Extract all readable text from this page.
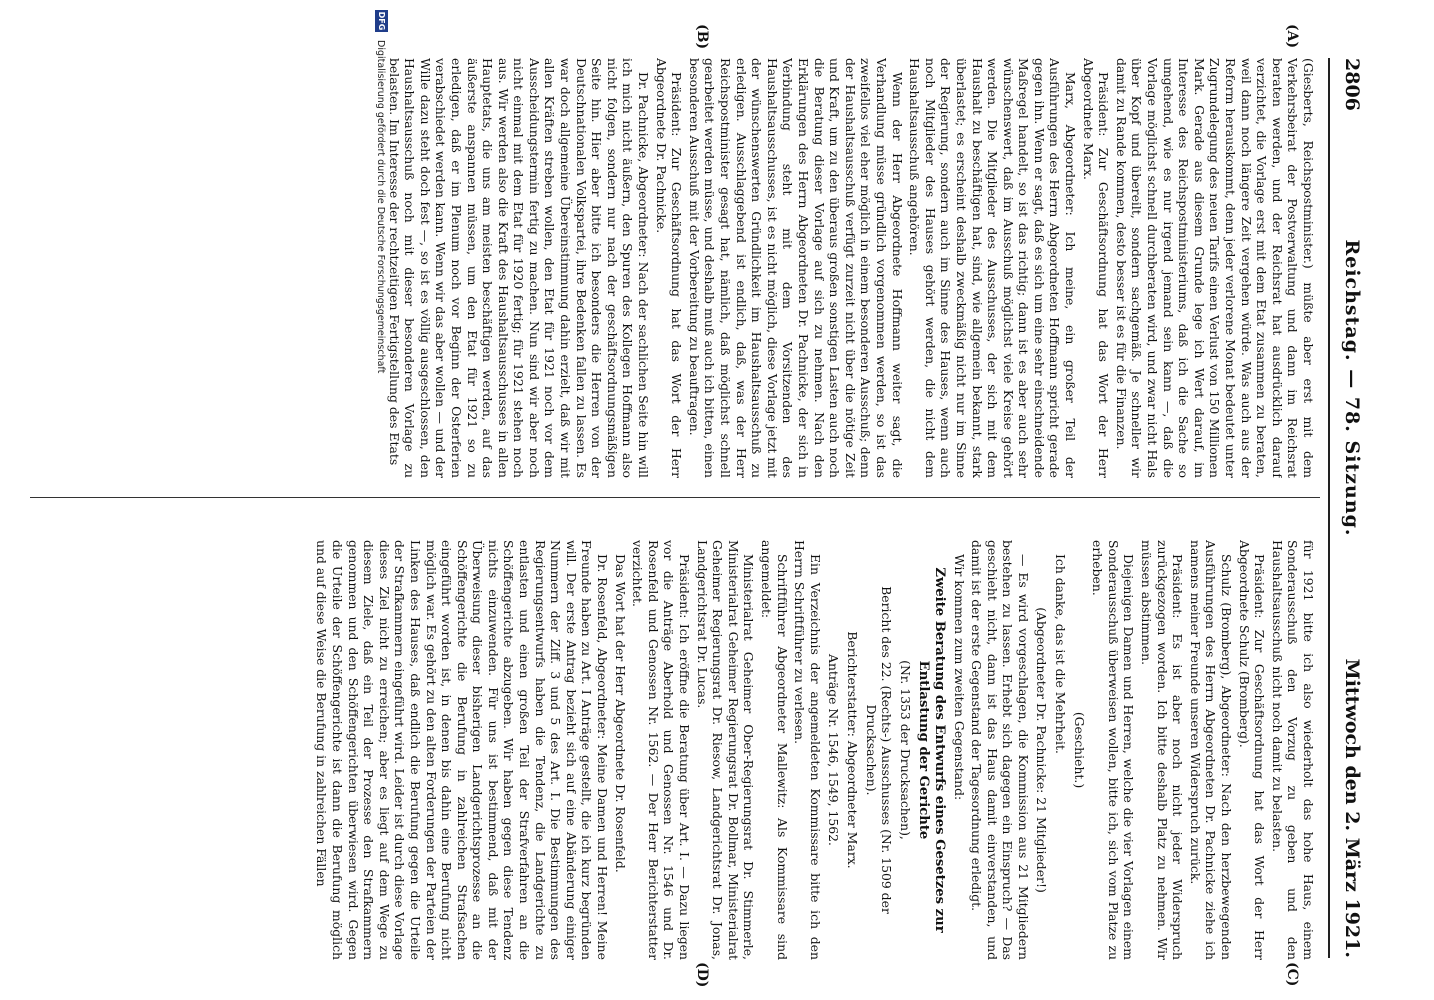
2806
Reichstag. — 78. Sitzung.
Mittwoch den 2. März 1921.
(A)
(B)
(C)
(D)

(Giesberts, Reichspostminister.) müßte aber erst mit dem Verkehrsbeirat der Postverwaltung und dann im Reichsrat beraten werden, und der Reichsrat hat ausdrücklich darauf verzichtet, die Vorlage erst mit dem Etat zusammen zu beraten, weil dann noch längere Zeit vergehen würde. Was auch aus der Reform herauskommt, denn jeder verlorene Monat bedeutet unter Zugrundelegung des neuen Tarifs einen Verlust von 150 Millionen Mark. Gerade aus diesem Grunde lege ich Wert darauf, im Interesse des Reichspostministeriums, daß ich die Sache so umgehend, wie es nur irgend jemand sein kann —, daß die Vorlage möglichst schnell durchberaten wird, und zwar nicht Hals über Kopf und übereilt, sondern sachgemäß. Je schneller wir damit zu Rande kommen, desto besser ist es für die Finanzen.

Präsident: Zur Geschäftsordnung hat das Wort der Herr Abgeordnete Marx.

Marx, Abgeordneter: Ich meine, ein großer Teil der Ausführungen des Herrn Abgeordneten Hoffmann spricht gerade gegen ihn. Wenn er sagt, daß es sich um eine sehr einschneidende Maßregel handelt, so ist das richtig; dann ist es aber auch sehr wünschenswert, daß im Ausschuß möglichst viele Kreise gehört werden. Die Mitglieder des Ausschusses, der sich mit dem Haushalt zu beschäftigen hat, sind, wie allgemein bekannt, stark überlastet; es erscheint deshalb zweckmäßig nicht nur im Sinne der Regierung, sondern auch im Sinne des Hauses, wenn auch noch Mitglieder des Hauses gehört werden, die nicht dem Haushaltsausschuß angehören.

Wenn der Herr Abgeordnete Hoffmann weiter sagt, die Verhandlung müsse gründlich vorgenommen werden, so ist das zweifellos viel eher möglich in einem besonderen Ausschuß; denn der Haushaltsausschuß verfügt zurzeit nicht über die nötige Zeit und Kraft, um zu den überaus großen sonstigen Lasten auch noch die Beratung dieser Vorlage auf sich zu nehmen. Nach den Erklärungen des Herrn Abgeordneten Dr. Pachnicke, der sich in Verbindung steht mit dem Vorsitzenden des Haushaltsausschusses, ist es nicht möglich, diese Vorlage jetzt mit der wünschenswerten Gründlichkeit im Haushaltsausschuß zu erledigen. Ausschlaggebend ist endlich, daß, was der Herr Reichspostminister gesagt hat, nämlich, daß möglichst schnell gearbeitet werden müsse, und deshalb muß auch ich bitten, einen besonderen Ausschuß mit der Vorbereitung zu beauftragen.

Präsident: Zur Geschäftsordnung hat das Wort der Herr Abgeordnete Dr. Pachnicke.

Dr. Pachnicke, Abgeordneter: Nach der sachlichen Seite hin will ich mich nicht äußern, den Spuren des Kollegen Hoffmann also nicht folgen, sondern nur nach der geschäftsordnungsmäßigen Seite hin. Hier aber bitte ich besonders die Herren von der Deutschnationalen Volkspartei, ihre Bedenken fallen zu lassen. Es war doch allgemeine Übereinstimmung dahin erzielt, daß wir mit allen Kräften streben wollen, den Etat für 1921 noch vor dem Ausscheidungstermin fertig zu machen. Nun sind wir aber noch nicht einmal mit dem Etat für 1920 fertig; für 1921 stehen noch aus. Wir werden also die Kraft des Haushaltsausschusses in allen Hauptetats, die uns am meisten beschäftigen werden, auf das äußerste anspannen müssen, um den Etat für 1921 so zu erledigen, daß er im Plenum noch vor Beginn der Osterferien verabschiedet werden kann. Wenn wir das aber wollen — und der Wille dazu steht doch fest —, so ist es völlig ausgeschlossen, den Haushaltsausschuß noch mit dieser besonderen Vorlage zu belasten. Im Interesse der rechtzeitigen Fertigstellung des Etats

für 1921 bitte ich also wiederholt das hohe Haus, einem Sonderausschuß den Vorzug zu geben und den Haushaltsausschuß nicht noch damit zu belasten.

Präsident: Zur Geschäftsordnung hat das Wort der Herr Abgeordnete Schulz (Bromberg).

Schulz (Bromberg), Abgeordneter: Nach den herzbewegenden Ausführungen des Herrn Abgeordneten Dr. Pachnicke ziehe ich namens meiner Freunde unseren Widerspruch zurück.

Präsident: Es ist aber noch nicht jeder Widerspruch zurückgezogen worden. Ich bitte deshalb Platz zu nehmen. Wir müssen abstimmen.

Diejenigen Damen und Herren, welche die vier Vorlagen einem Sonderausschuß überweisen wollen, bitte ich, sich vom Platze zu erheben.

(Geschieht.)

Ich danke, das ist die Mehrheit.

(Abgeordneter Dr. Pachnicke: 21 Mitglieder!)

— Es wird vorgeschlagen, die Kommission aus 21 Mitgliedern bestehen zu lassen. Erhebt sich dagegen ein Einspruch? — Das geschieht nicht, dann ist das Haus damit einverstanden, und damit ist der erste Gegenstand der Tagesordnung erledigt.

Wir kommen zum zweiten Gegenstand:

Zweite Beratung des Entwurfs eines Gesetzes zur Entlastung der Gerichte

(Nr. 1353 der Drucksachen),

Bericht des 22. (Rechts-) Ausschusses (Nr. 1509 der Drucksachen).

Berichterstatter: Abgeordneter Marx.

Anträge Nr. 1546, 1549, 1562.

Ein Verzeichnis der angemeldeten Kommissare bitte ich den Herrn Schriftführer zu verlesen.

Schriftführer Abgeordneter Mallewitz: Als Kommissare sind angemeldet:

Ministerialrat Geheimer Ober-Regierungsrat Dr. Stimmerle, Ministerialrat Geheimer Regierungsrat Dr. Bollmar, Ministerialrat Geheimer Regierungsrat Dr. Riesow, Landgerichtsrat Dr. Jonas, Landgerichtsrat Dr. Lucas.

Präsident: Ich eröffne die Beratung über Art. I. — Dazu liegen vor die Anträge Aberhold und Genossen Nr. 1546 und Dr. Rosenfeld und Genossen Nr. 1562. — Der Herr Berichterstatter verzichtet.

Das Wort hat der Herr Abgeordnete Dr. Rosenfeld.

Dr. Rosenfeld, Abgeordneter: Meine Damen und Herren! Meine Freunde haben zu Art. I Anträge gestellt, die ich kurz begründen will. Der erste Antrag bezieht sich auf eine Abänderung einiger Nummern der Ziff. 3 und 5 des Art. I. Die Bestimmungen des Regierungsentwurfs haben die Tendenz, die Landgerichte zu entlasten und einen großen Teil der Strafverfahren an die Schöffengerichte abzugeben. Wir haben gegen diese Tendenz nichts einzuwenden. Für uns ist bestimmend, daß mit der Überweisung dieser bisherigen Landgerichtsprozesse an die Schöffengerichte die Berufung in zahlreichen Strafsachen eingeführt worden ist, in denen bis dahin eine Berufung nicht möglich war. Es gehört zu den alten Forderungen der Parteien der Linken des Hauses, daß endlich die Berufung gegen die Urteile der Strafkammern eingeführt wird. Leider ist durch diese Vorlage dieses Ziel nicht zu erreichen; aber es liegt auf dem Wege zu diesem Ziele, daß ein Teil der Prozesse den Strafkammern genommen und den Schöffengerichten überwiesen wird. Gegen die Urteile der Schöffengerichte ist dann die Berufung möglich und auf diese Weise die Berufung in zahlreichen Fällen

DFG
Digitalisierung gefördert durch die Deutsche Forschungsgemeinschaft
